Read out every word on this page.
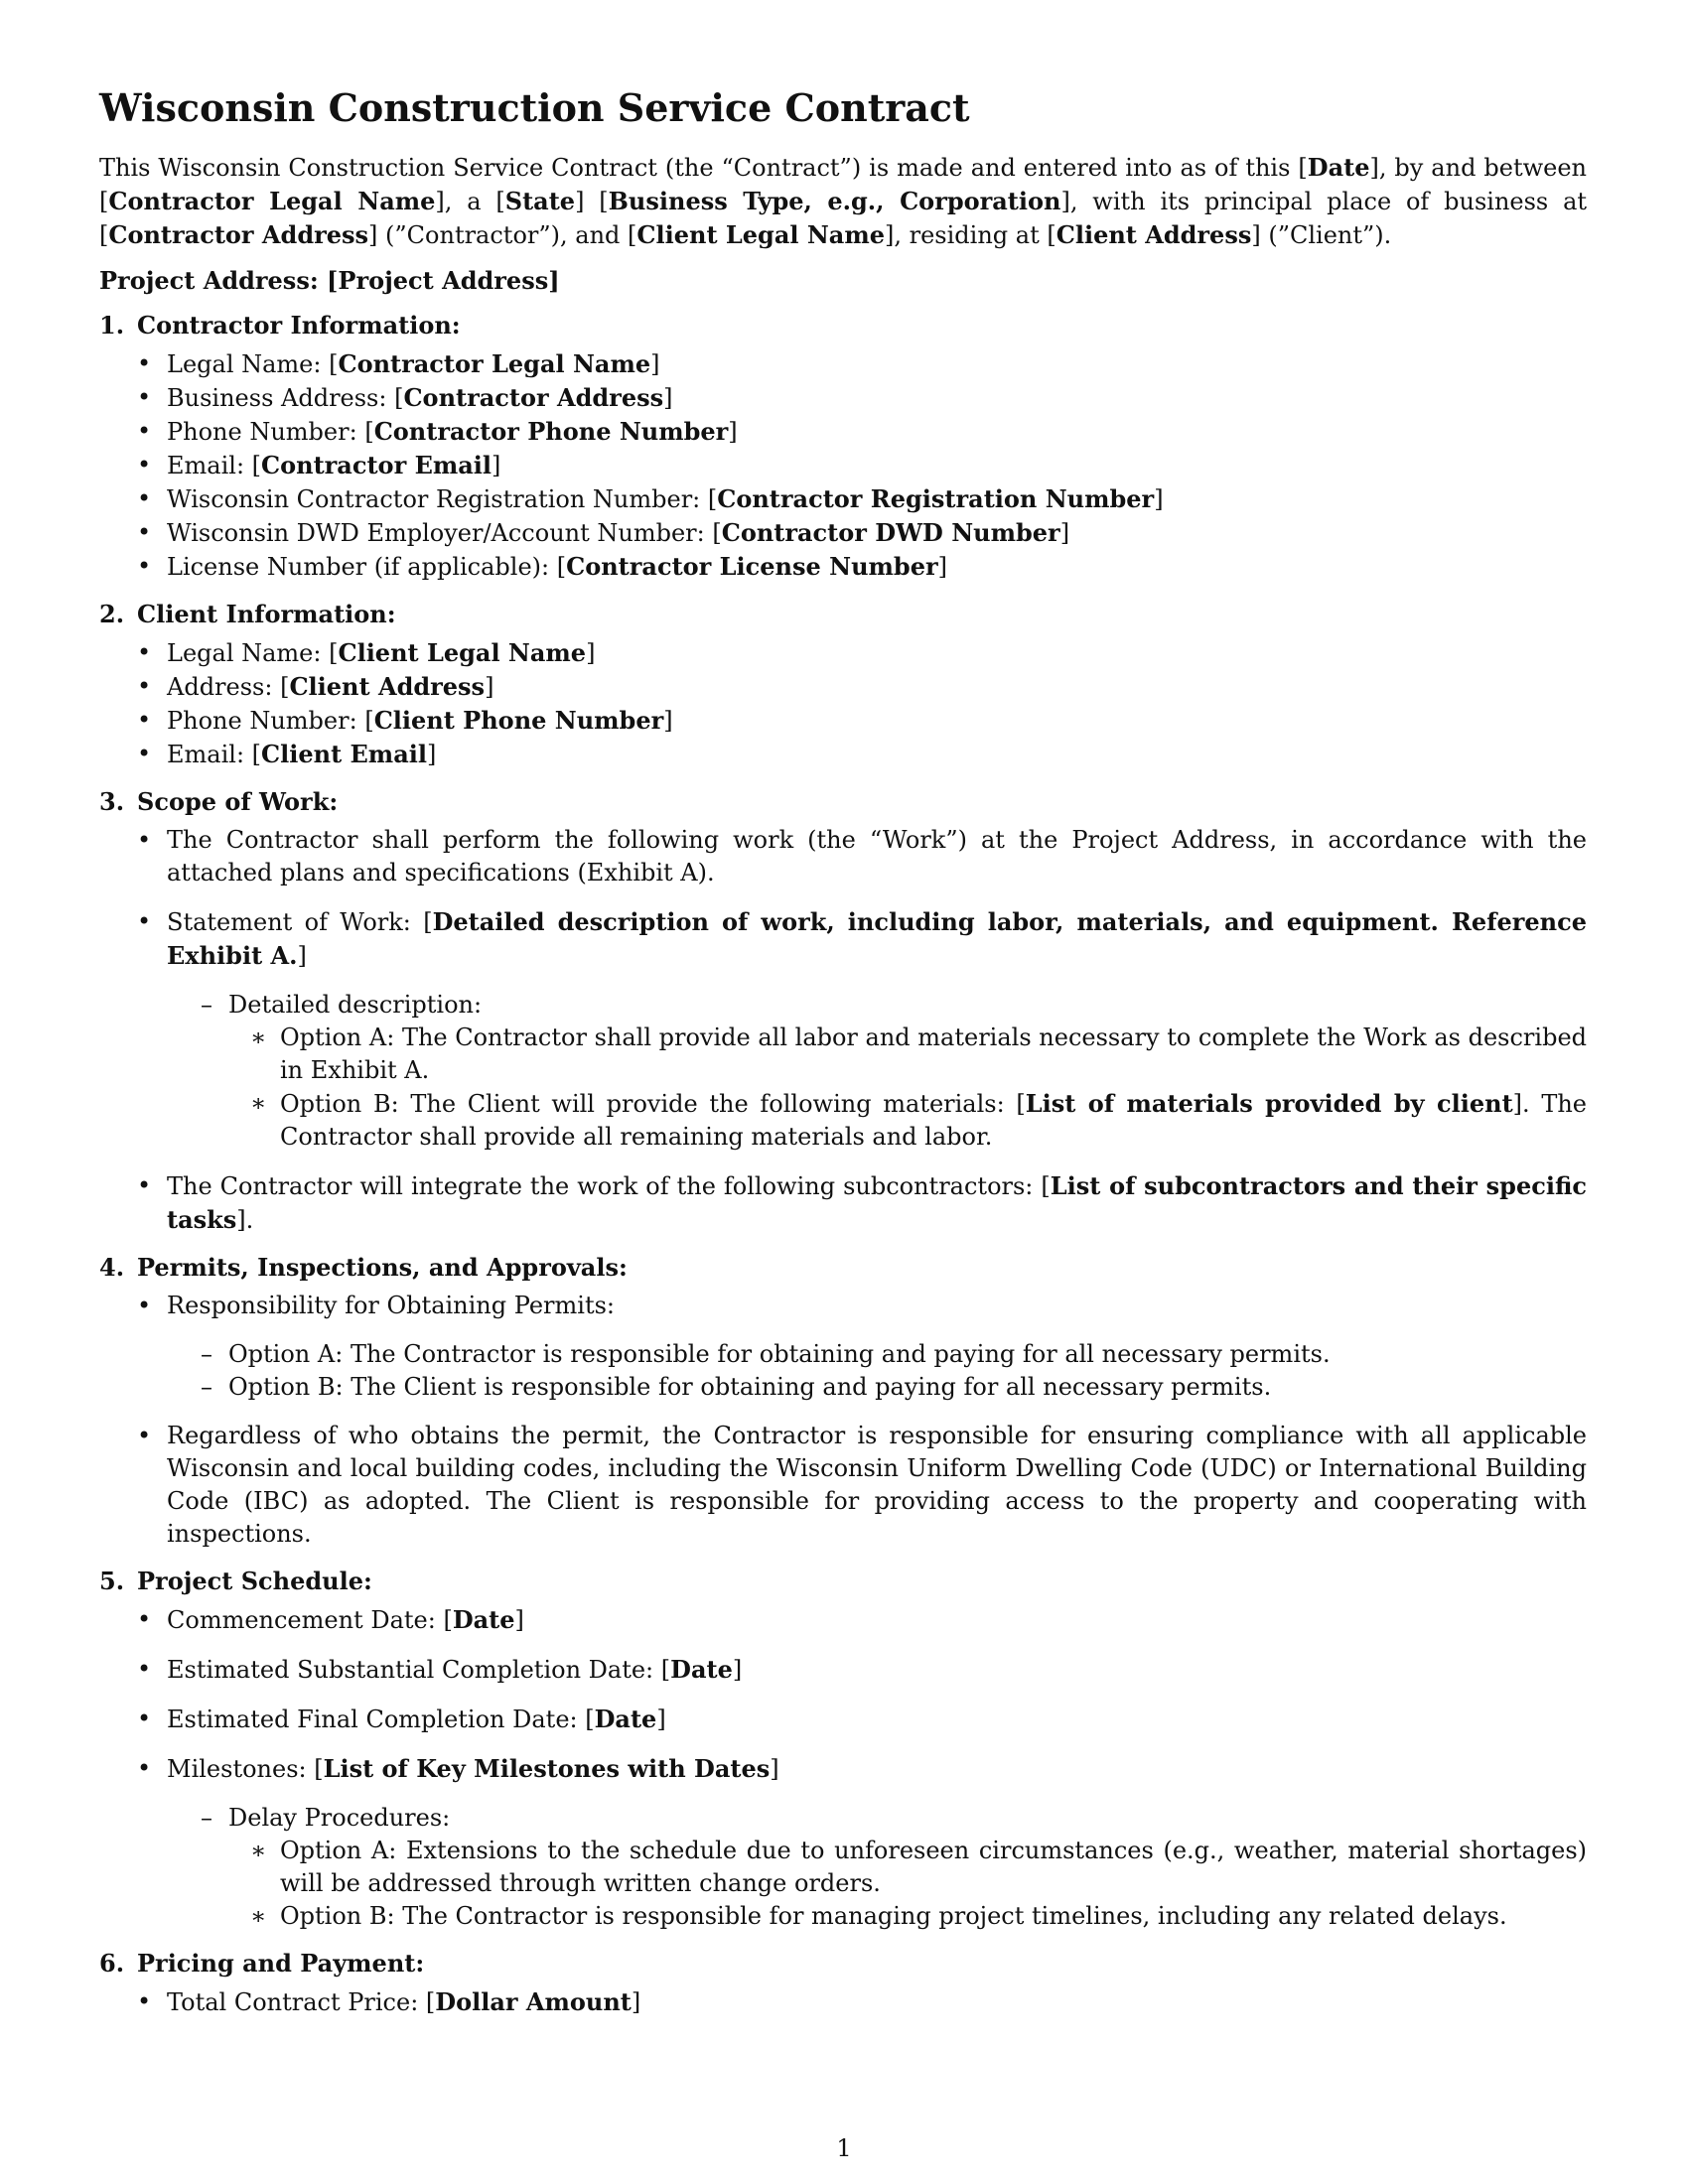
Wisconsin Construction Service Contract

This Wisconsin Construction Service Contract (the “Contract”) is made and entered into as of this [Date], by and between [Contractor Legal Name], a [State] [Business Type, e.g., Corporation], with its principal place of business at [Contractor Address] (”Contractor”), and [Client Legal Name], residing at [Client Address] (”Client”).

Project Address: [Project Address]
1. Contractor Information:
• Legal Name: [Contractor Legal Name]
• Business Address: [Contractor Address]
• Phone Number: [Contractor Phone Number]
• Email: [Contractor Email]
• Wisconsin Contractor Registration Number: [Contractor Registration Number]
• Wisconsin DWD Employer/Account Number: [Contractor DWD Number]
• License Number (if applicable): [Contractor License Number]
2. Client Information:
• Legal Name: [Client Legal Name]
• Address: [Client Address]
• Phone Number: [Client Phone Number]
• Email: [Client Email]
3. Scope of Work:
• The Contractor shall perform the following work (the “Work”) at the Project Address, in accordance with the attached plans and specifications (Exhibit A).
• Statement of Work: [Detailed description of work, including labor, materials, and equipment. Reference Exhibit A.]
– Detailed description:
∗ Option A: The Contractor shall provide all labor and materials necessary to complete the Work as described in Exhibit A.
∗ Option B: The Client will provide the following materials: [List of materials provided by client]. The Contractor shall provide all remaining materials and labor.
• The Contractor will integrate the work of the following subcontractors: [List of subcontractors and their specific tasks].
4. Permits, Inspections, and Approvals:
• Responsibility for Obtaining Permits:
– Option A: The Contractor is responsible for obtaining and paying for all necessary permits.
– Option B: The Client is responsible for obtaining and paying for all necessary permits.
• Regardless of who obtains the permit, the Contractor is responsible for ensuring compliance with all applicable Wisconsin and local building codes, including the Wisconsin Uniform Dwelling Code (UDC) or International Building Code (IBC) as adopted. The Client is responsible for providing access to the property and cooperating with inspections.
5. Project Schedule:
• Commencement Date: [Date]
• Estimated Substantial Completion Date: [Date]
• Estimated Final Completion Date: [Date]
• Milestones: [List of Key Milestones with Dates]
– Delay Procedures:
∗ Option A: Extensions to the schedule due to unforeseen circumstances (e.g., weather, material shortages) will be addressed through written change orders.
∗ Option B: The Contractor is responsible for managing project timelines, including any related delays.
6. Pricing and Payment:
• Total Contract Price: [Dollar Amount]
1
